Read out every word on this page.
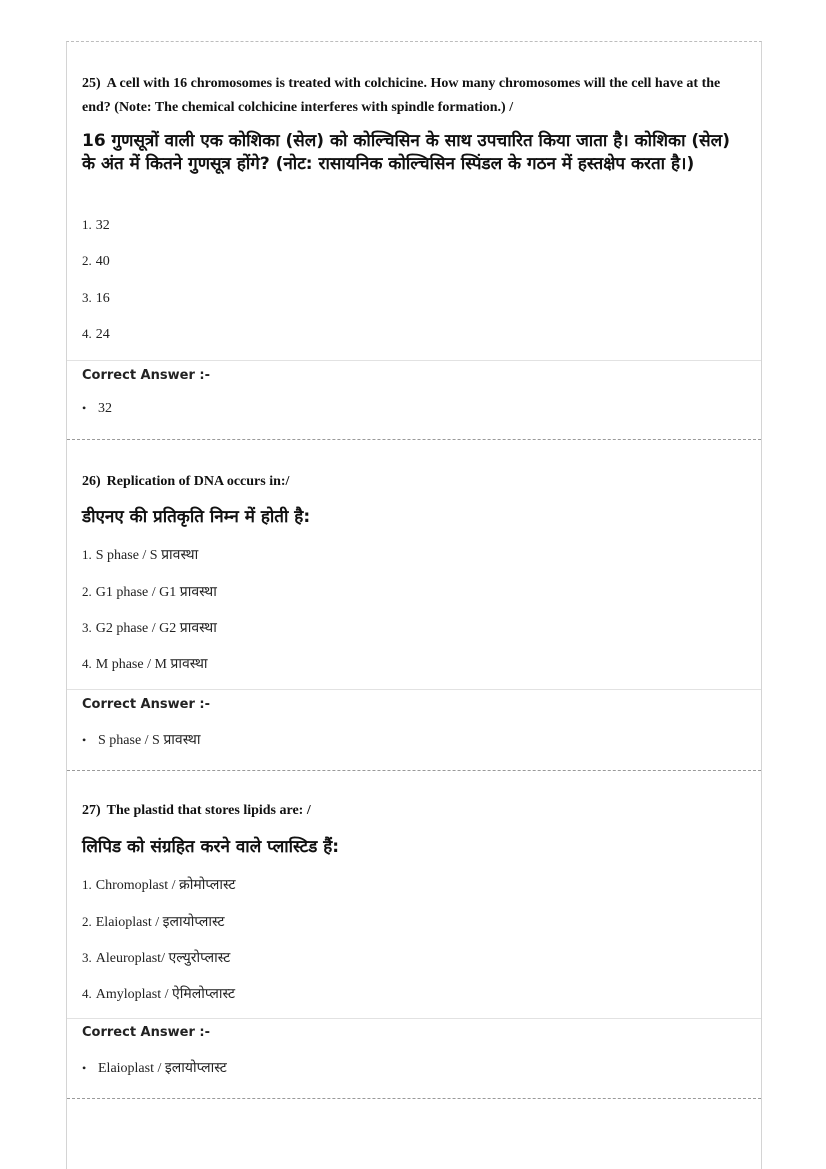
25) A cell with 16 chromosomes is treated with colchicine. How many chromosomes will the cell have at the end? (Note: The chemical colchicine interferes with spindle formation.) /
16 गुणसूत्रों वाली एक कोशिका (सेल) को कोल्चिसिन के साथ उपचारित किया जाता है। कोशिका (सेल) के अंत में कितने गुणसूत्र होंगे? (नोट: रासायनिक कोल्चिसिन स्पिंडल के गठन में हस्तक्षेप करता है।)
1. 32
2. 40
3. 16
4. 24
Correct Answer :-
• 32
26) Replication of DNA occurs in:/
डीएनए की प्रतिकृति निम्न में होती है:
1. S phase / S प्रावस्था
2. G1 phase / G1 प्रावस्था
3. G2 phase / G2 प्रावस्था
4. M phase / M प्रावस्था
Correct Answer :-
• S phase / S प्रावस्था
27) The plastid that stores lipids are: /
लिपिड को संग्रहित करने वाले प्लास्टिड हैं:
1. Chromoplast / क्रोमोप्लास्ट
2. Elaioplast / इलायोप्लास्ट
3. Aleuroplast/ एल्युरोप्लास्ट
4. Amyloplast / ऐमिलोप्लास्ट
Correct Answer :-
• Elaioplast / इलायोप्लास्ट
